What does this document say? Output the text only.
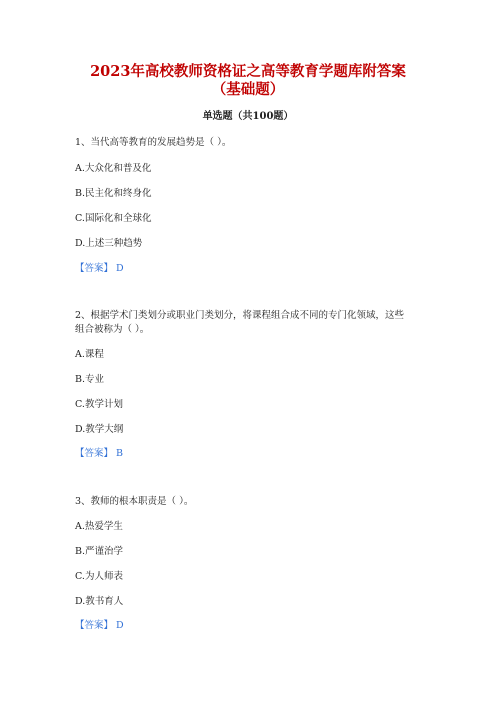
2023年高校教师资格证之高等教育学题库附答案
（基础题）
单选题（共100题）
1、当代高等教育的发展趋势是（ ）。
A.大众化和普及化
B.民主化和终身化
C.国际化和全球化
D.上述三种趋势
【答案】 D
2、根据学术门类划分或职业门类划分，将课程组合成不同的专门化领域，这些
组合被称为（ ）。
A.课程
B.专业
C.教学计划
D.教学大纲
【答案】 B
3、教师的根本职责是（ ）。
A.热爱学生
B.严谨治学
C.为人师表
D.教书育人
【答案】 D
